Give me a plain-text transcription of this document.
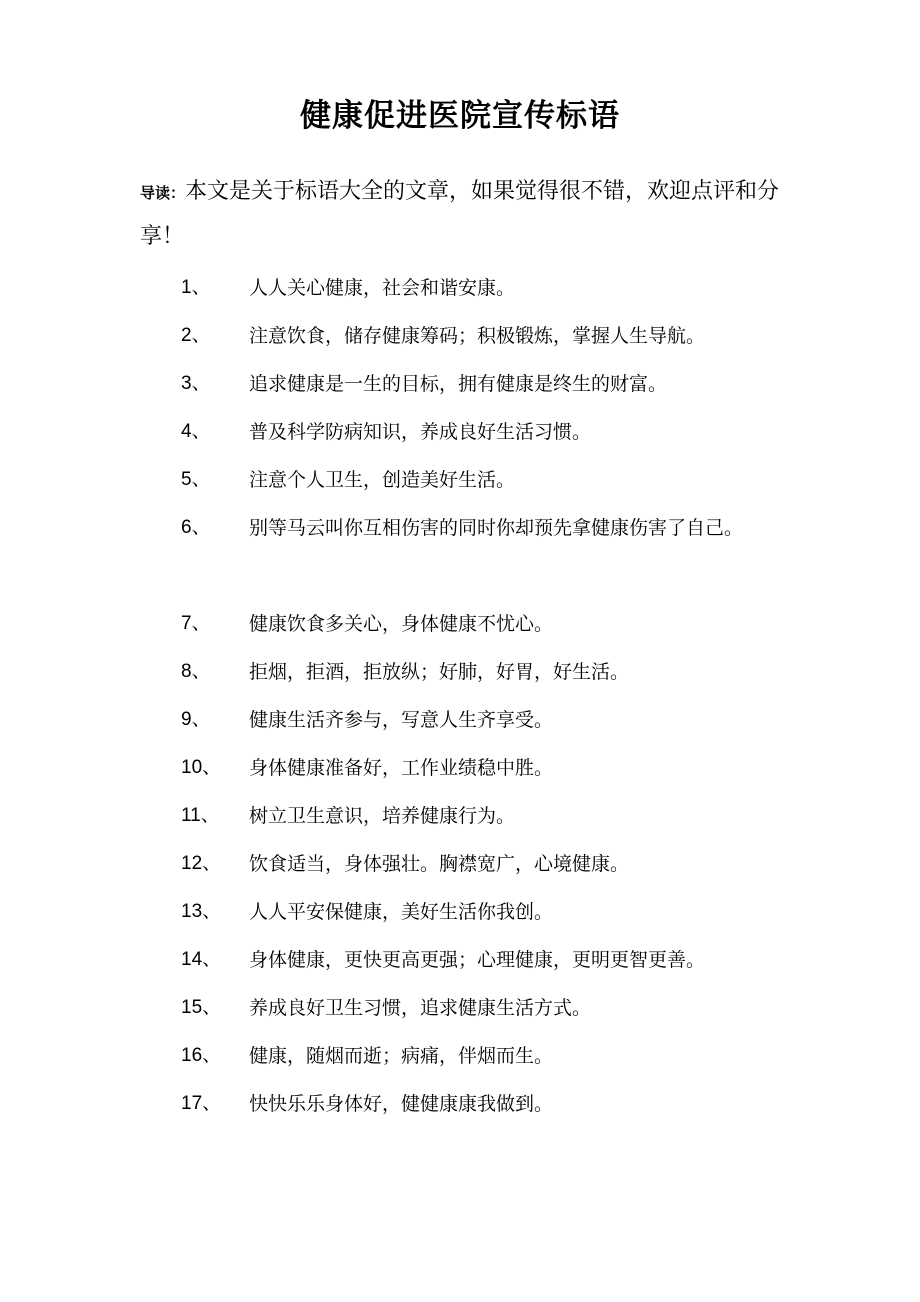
健康促进医院宣传标语
导读：本文是关于标语大全的文章，如果觉得很不错，欢迎点评和分享！
1、 人人关心健康，社会和谐安康。
2、 注意饮食，储存健康筹码；积极锻炼，掌握人生导航。
3、 追求健康是一生的目标，拥有健康是终生的财富。
4、 普及科学防病知识，养成良好生活习惯。
5、 注意个人卫生，创造美好生活。
6、	别等马云叫你互相伤害的同时你却预先拿健康伤害了自己。
7、 健康饮食多关心，身体健康不忧心。
8、 拒烟，拒酒，拒放纵；好肺，好胃，好生活。
9、 健康生活齐参与，写意人生齐享受。
10、 身体健康准备好，工作业绩稳中胜。
11、 树立卫生意识，培养健康行为。
12、 饮食适当，身体强壮。胸襟宽广，心境健康。
13、 人人平安保健康，美好生活你我创。
14、 身体健康，更快更高更强；心理健康，更明更智更善。
15、 养成良好卫生习惯，追求健康生活方式。
16、 健康，随烟而逝；病痛，伴烟而生。
17、 快快乐乐身体好，健健康康我做到。
